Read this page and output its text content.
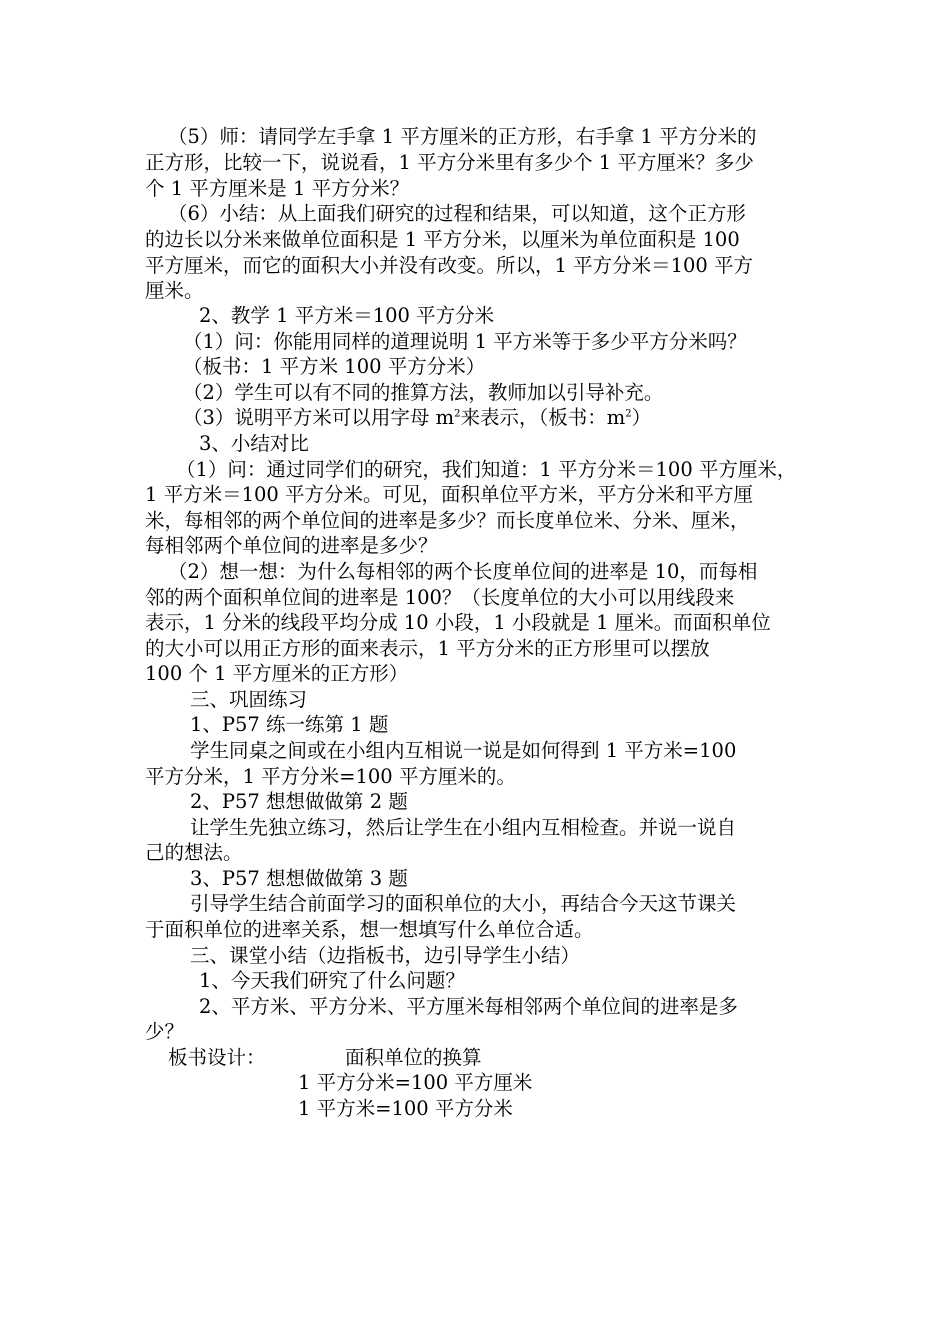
（5）师：请同学左手拿 1 平方厘米的正方形，右手拿 1 平方分米的
正方形，比较一下，说说看，1 平方分米里有多少个 1 平方厘米？多少
个 1 平方厘米是 1 平方分米？
（6）小结：从上面我们研究的过程和结果，可以知道，这个正方形
的边长以分米来做单位面积是 1 平方分米，以厘米为单位面积是 100
平方厘米，而它的面积大小并没有改变。所以，1 平方分米＝100 平方
厘米。
2、教学 1 平方米＝100 平方分米
（1）问：你能用同样的道理说明 1 平方米等于多少平方分米吗？
（板书：1 平方米 100 平方分米）
（2）学生可以有不同的推算方法，教师加以引导补充。
（3）说明平方米可以用字母 $m^2$来表示，（板书：$m^2$）
3、小结对比
（1）问：通过同学们的研究，我们知道：1 平方分米＝100 平方厘米，
1 平方米＝100 平方分米。可见，面积单位平方米，平方分米和平方厘
米，每相邻的两个单位间的进率是多少？而长度单位米、分米、厘米，
每相邻两个单位间的进率是多少？
（2）想一想：为什么每相邻的两个长度单位间的进率是 10，而每相
邻的两个面积单位间的进率是 100？（长度单位的大小可以用线段来
表示，1 分米的线段平均分成 10 小段，1 小段就是 1 厘米。而面积单位
的大小可以用正方形的面来表示，1 平方分米的正方形里可以摆放
100 个 1 平方厘米的正方形）
三、巩固练习
1、P57 练一练第 1 题
学生同桌之间或在小组内互相说一说是如何得到 1 平方米=100
平方分米，1 平方分米=100 平方厘米的。
2、P57 想想做做第 2 题
让学生先独立练习，然后让学生在小组内互相检查。并说一说自
己的想法。
3、P57 想想做做第 3 题
引导学生结合前面学习的面积单位的大小，再结合今天这节课关
于面积单位的进率关系，想一想填写什么单位合适。
三、课堂小结（边指板书，边引导学生小结）
1、今天我们研究了什么问题？
2、平方米、平方分米、平方厘米每相邻两个单位间的进率是多
少？
板书设计：	面积单位的换算
1 平方分米=100 平方厘米
1 平方米=100 平方分米
